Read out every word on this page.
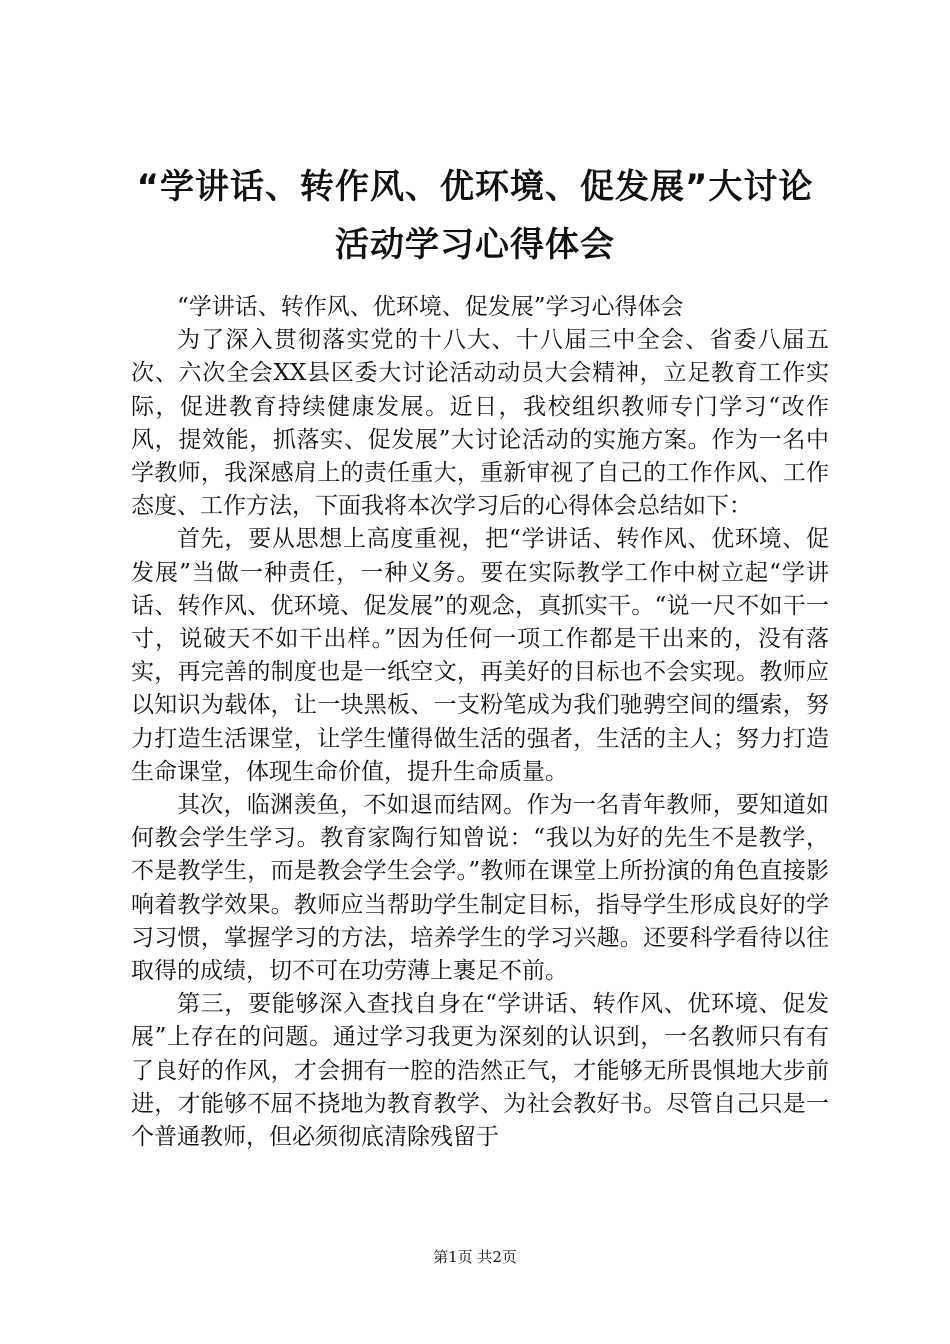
“学讲话、转作风、优环境、促发展”大讨论
活动学习心得体会

“学讲话、转作风、优环境、促发展”学习心得体会

为了深入贯彻落实党的十八大、十八届三中全会、省委八届五次、六次全会XX县区委大讨论活动动员大会精神，立足教育工作实际，促进教育持续健康发展。近日，我校组织教师专门学习“改作风，提效能，抓落实、促发展”大讨论活动的实施方案。作为一名中学教师，我深感肩上的责任重大，重新审视了自己的工作作风、工作态度、工作方法，下面我将本次学习后的心得体会总结如下：

首先，要从思想上高度重视，把“学讲话、转作风、优环境、促发展”当做一种责任，一种义务。要在实际教学工作中树立起“学讲话、转作风、优环境、促发展”的观念，真抓实干。“说一尺不如干一寸，说破天不如干出样。”因为任何一项工作都是干出来的，没有落实，再完善的制度也是一纸空文，再美好的目标也不会实现。教师应以知识为载体，让一块黑板、一支粉笔成为我们驰骋空间的缰索，努力打造生活课堂，让学生懂得做生活的强者，生活的主人；努力打造生命课堂，体现生命价值，提升生命质量。

其次，临渊羡鱼，不如退而结网。作为一名青年教师，要知道如何教会学生学习。教育家陶行知曾说：“我以为好的先生不是教学，不是教学生，而是教会学生会学。”教师在课堂上所扮演的角色直接影响着教学效果。教师应当帮助学生制定目标，指导学生形成良好的学习习惯，掌握学习的方法，培养学生的学习兴趣。还要科学看待以往取得的成绩，切不可在功劳薄上裹足不前。

第三，要能够深入查找自身在“学讲话、转作风、优环境、促发展”上存在的问题。通过学习我更为深刻的认识到，一名教师只有有了良好的作风，才会拥有一腔的浩然正气，才能够无所畏惧地大步前进，才能够不屈不挠地为教育教学、为社会教好书。尽管自己只是一个普通教师，但必须彻底清除残留于

第1页 共2页
